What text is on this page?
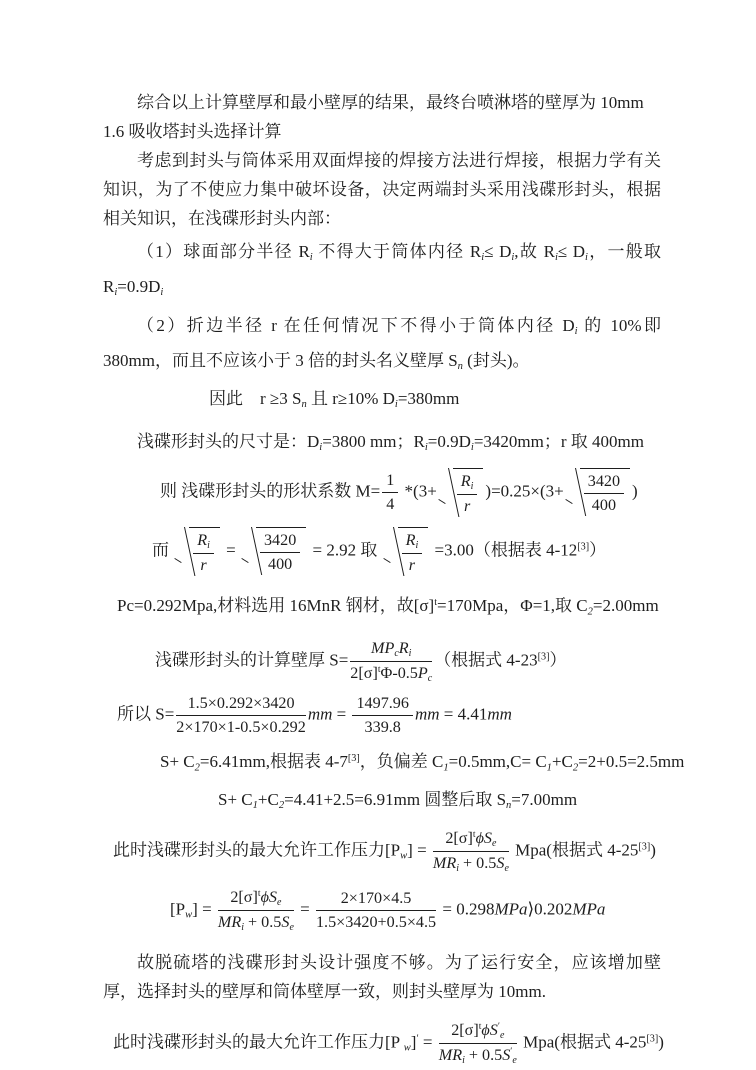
综合以上计算壁厚和最小壁厚的结果，最终台喷淋塔的壁厚为 10mm
1.6 吸收塔封头选择计算
考虑到封头与筒体采用双面焊接的焊接方法进行焊接，根据力学有关 知识，为了不使应力集中破坏设备，决定两端封头采用浅碟形封头，根据相关知识，在浅碟形封头内部：
（1）球面部分半径 $R_i$ 不得大于筒体内径 $R_i\le D_i$,故 $R_i\le D_i$，一般取 $R_i=0.9D_i$
（2）折边半径 r 在任何情况下不得小于筒体内径 $D_i$ 的 10%即 380mm，而且不应该小于 3 倍的封头名义壁厚 $S_n$ (封头)。
因此　r ≥3 $S_n$ 且 r≥10% $D_i=380mm$
浅碟形封头的尺寸是：$D_i=3800$ mm；$R_i=0.9D_i=3420mm$；r 取 400mm
则 浅碟形封头的形状系数 $M= \frac{1}{4} *(3+ \frac{R_i}{r} )=0.25\times(3+ \frac{3420}{400}$ )
而 $\frac{R_i}{r} = \frac{3420}{400} = 2.92$ 取 $\frac{R_i}{r} =3.00$（根据表 4-12[3]）
Pc=0.292Mpa,材料选用 16MnR 钢材，故$[\sigma]^t=170Mpa$，Φ=1,取 $C_2=2.00mm$
浅碟形封头的计算壁厚 $S= \frac{MP_cR_i}{2[\sigma]^t\Phi-0.5P_c}$ （根据式 4-23[3]）
所以 $S= \frac{1.5\times 0.292\times 3420}{2\times 170\times 1-0.5\times 0.292}$ mm = $\frac{1497.96}{339.8}$ mm = 4.41mm
$S+ C_2=6.41mm$,根据表 4-7[3]，负偏差 $C_1=0.5mm,C= C_1+C_2=2+0.5=2.5mm$
$S+ C_1+C_2=4.41+2.5=6.91mm$ 圆整后取 $S_n=7.00mm$
此时浅碟形封头的最大允许工作压力$[P_w] = \frac{2[\sigma]^t\phi S_e}{MR_i + 0.5S_e} Mpa$(根据式 4-25[3])
$[P_w] = \frac{2[\sigma]^t\phi S_e}{MR_i + 0.5S_e} = \frac{2\times 170\times 4.5}{1.5\times 3420+0.5\times 4.5}$ = 0.298MPa⟩0.202MPa
故脱硫塔的浅碟形封头设计强度不够。为了运行安全，应该增加壁厚，选择封头的壁厚和筒体壁厚一致，则封头壁厚为 10mm.
此时浅碟形封头的最大允许工作压力[P $_w]' = \frac{2[\sigma]^t\phi S'_e}{MR_i + 0.5S'_e} Mpa$(根据式 4-25[3])
